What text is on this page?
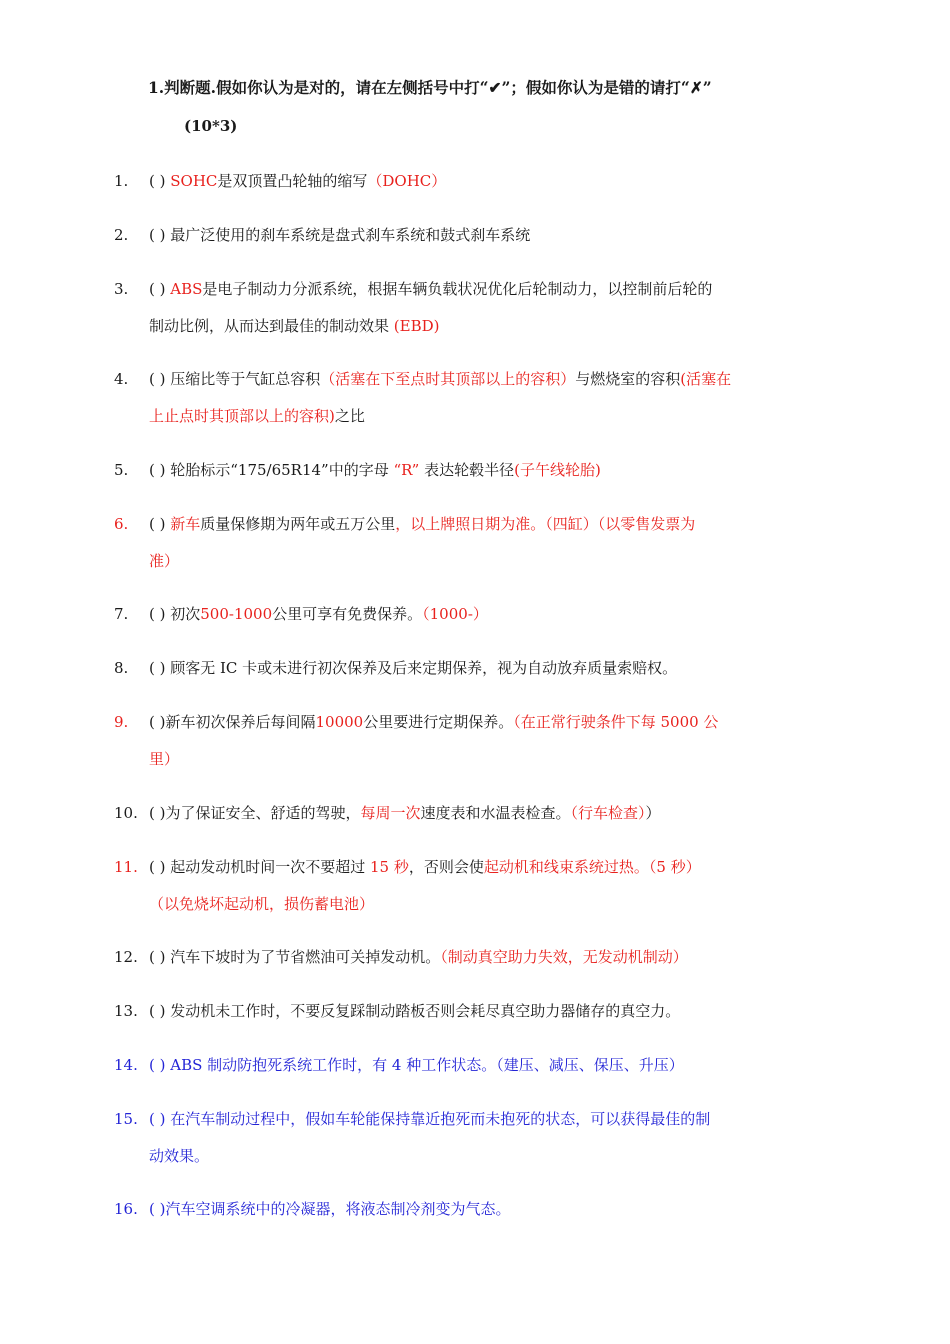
1.判断题.假如你认为是对的，请在左侧括号中打“✔”；假如你认为是错的请打“✗”
(10*3)
1. ( ) SOHC是双顶置凸轮轴的缩写（DOHC）
2. ( ) 最广泛使用的刹车系统是盘式刹车系统和鼓式刹车系统
3. ( ) ABS是电子制动力分派系统，根据车辆负载状况优化后轮制动力，以控制前后轮的
制动比例，从而达到最佳的制动效果 (EBD)
4. ( ) 压缩比等于气缸总容积（活塞在下至点时其顶部以上的容积）与燃烧室的容积(活塞在
上止点时其顶部以上的容积)之比
5. ( ) 轮胎标示“175/65R14”中的字母 “R” 表达轮毂半径(子午线轮胎)
6. ( ) 新车质量保修期为两年或五万公里，以上牌照日期为准。（四缸）（以零售发票为
准）
7. ( ) 初次500-1000公里可享有免费保养。（1000-）
8. ( ) 顾客无 IC 卡或未进行初次保养及后来定期保养，视为自动放弃质量索赔权。
9. ( )新车初次保养后每间隔10000公里要进行定期保养。（在正常行驶条件下每 5000 公
里）
10. ( )为了保证安全、舒适的驾驶，每周一次速度表和水温表检查。（行车检查））
11. ( ) 起动发动机时间一次不要超过 15 秒，否则会使起动机和线束系统过热。（5 秒）
（以免烧坏起动机，损伤蓄电池）
12. ( ) 汽车下坡时为了节省燃油可关掉发动机。（制动真空助力失效，无发动机制动）
13. ( ) 发动机未工作时，不要反复踩制动踏板否则会耗尽真空助力器储存的真空力。
14. ( ) ABS 制动防抱死系统工作时，有 4 种工作状态。（建压、减压、保压、升压）
15. ( ) 在汽车制动过程中，假如车轮能保持靠近抱死而未抱死的状态，可以获得最佳的制
动效果。
16. ( )汽车空调系统中的冷凝器，将液态制冷剂变为气态。
